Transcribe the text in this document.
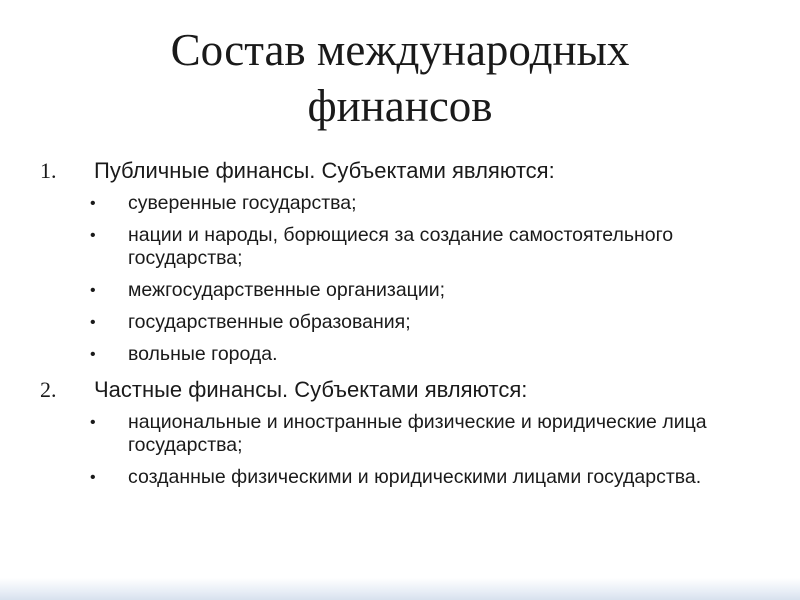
Состав международных
финансов
1. Публичные финансы. Субъектами являются:
• суверенные государства;
• нации и народы, борющиеся за создание самостоятельного государства;
• межгосударственные организации;
• государственные образования;
• вольные города.
2. Частные финансы. Субъектами являются:
• национальные и иностранные физические и юридические лица государства;
• созданные физическими и юридическими лицами государства.
